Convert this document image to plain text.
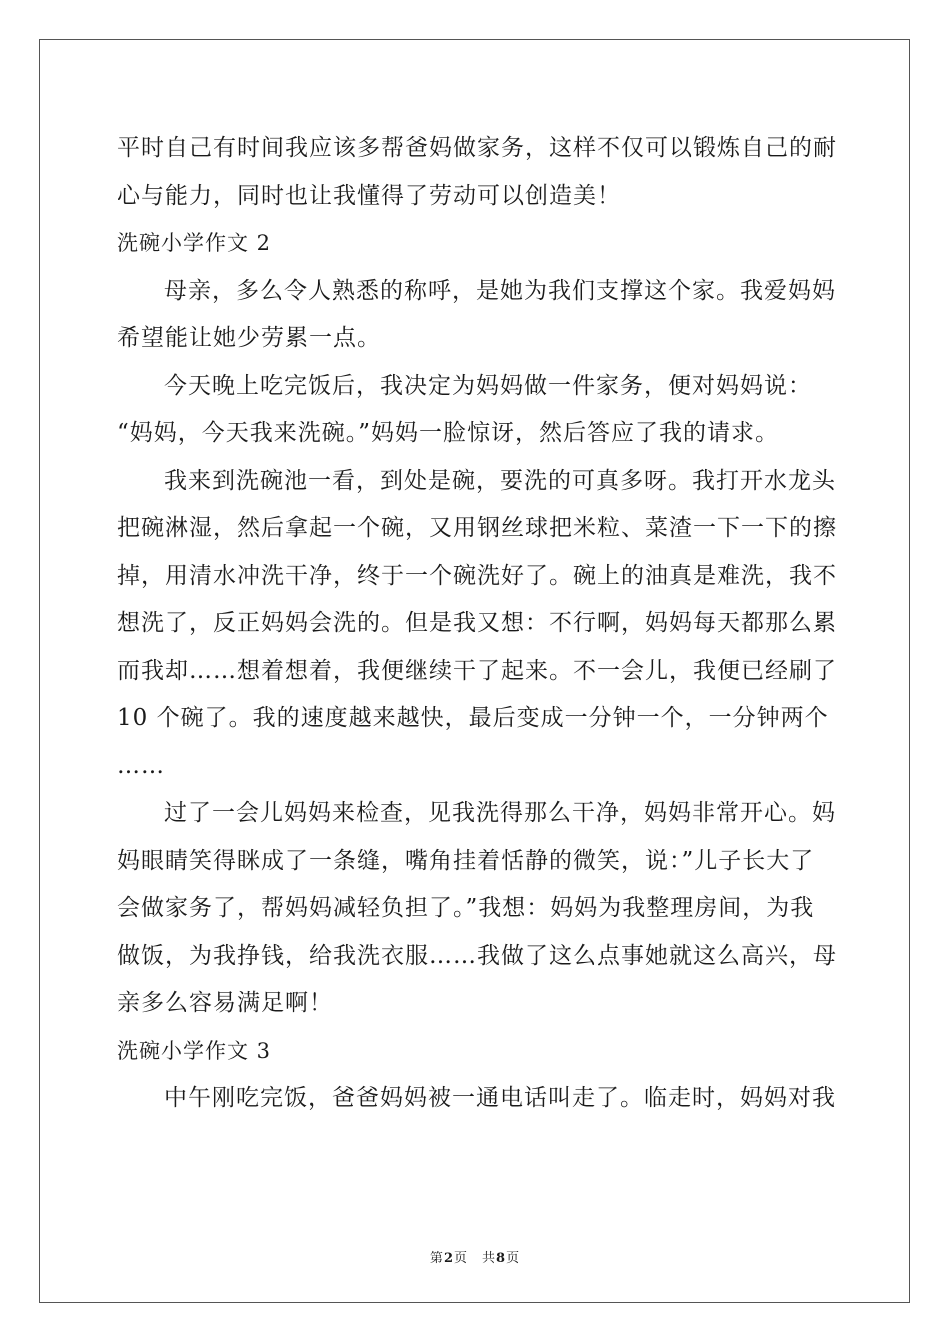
平时自己有时间我应该多帮爸妈做家务，这样不仅可以锻炼自己的耐
心与能力，同时也让我懂得了劳动可以创造美！
洗碗小学作文 2
母亲，多么令人熟悉的称呼，是她为我们支撑这个家。我爱妈妈
希望能让她少劳累一点。
今天晚上吃完饭后，我决定为妈妈做一件家务，便对妈妈说：
“妈妈，今天我来洗碗。”妈妈一脸惊讶，然后答应了我的请求。
我来到洗碗池一看，到处是碗，要洗的可真多呀。我打开水龙头
把碗淋湿，然后拿起一个碗，又用钢丝球把米粒、菜渣一下一下的擦
掉，用清水冲洗干净，终于一个碗洗好了。碗上的油真是难洗，我不
想洗了，反正妈妈会洗的。但是我又想：不行啊，妈妈每天都那么累
而我却……想着想着，我便继续干了起来。不一会儿，我便已经刷了
10 个碗了。我的速度越来越快，最后变成一分钟一个，一分钟两个
……
过了一会儿妈妈来检查，见我洗得那么干净，妈妈非常开心。妈
妈眼睛笑得眯成了一条缝，嘴角挂着恬静的微笑，说：”儿子长大了
会做家务了，帮妈妈减轻负担了。”我想：妈妈为我整理房间，为我
做饭，为我挣钱，给我洗衣服……我做了这么点事她就这么高兴，母
亲多么容易满足啊！
洗碗小学作文 3
中午刚吃完饭，爸爸妈妈被一通电话叫走了。临走时，妈妈对我
第2页 共8页
